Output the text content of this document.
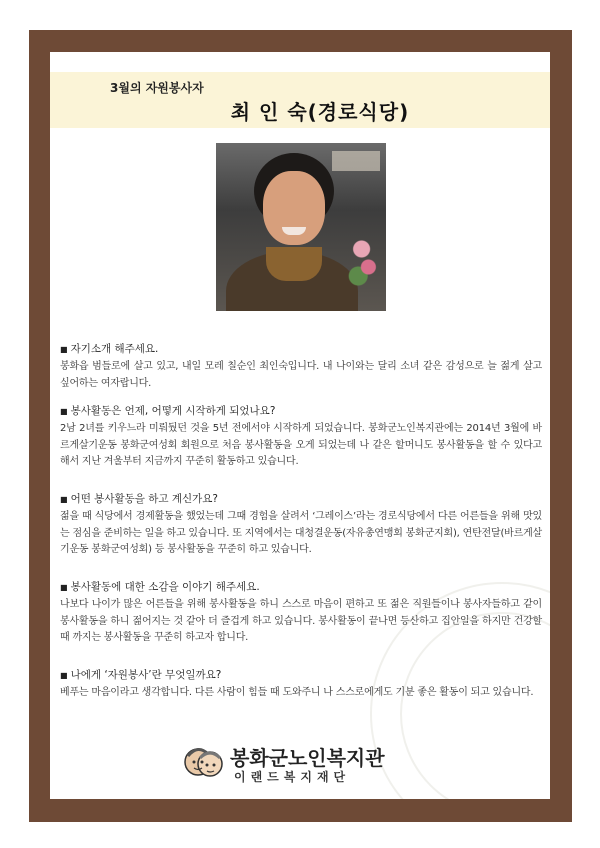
3월의 자원봉사자
최 인 숙(경로식당)

■ 자기소개 해주세요.

봉화읍 범들로에 살고 있고, 내일 모레 칠순인 최인숙입니다. 내 나이와는 달리 소녀 같은 감성으로 늘 젊게 살고 싶어하는 여자랍니다.

■ 봉사활동은 언제, 어떻게 시작하게 되었나요?

2남 2녀를 키우느라 미뤄뒀던 것을 5년 전에서야 시작하게 되었습니다. 봉화군노인복지관에는 2014년 3월에 바르게살기운동 봉화군여성회 회원으로 처음 봉사활동을 오게 되었는데 나 같은 할머니도 봉사활동을 할 수 있다고 해서 지난 겨울부터 지금까지 꾸준히 활동하고 있습니다.

■ 어떤 봉사활동을 하고 계신가요?

젊을 때 식당에서 경제활동을 했었는데 그때 경험을 살려서 ‘그레이스’라는 경로식당에서 다른 어른들을 위해 맛있는 점심을 준비하는 일을 하고 있습니다. 또 지역에서는 대청결운동(자유총연맹회 봉화군지회), 연탄전달(바르게살기운동 봉화군여성회) 등 봉사활동을 꾸준히 하고 있습니다.

■ 봉사활동에 대한 소감을 이야기 해주세요.

나보다 나이가 많은 어른들을 위해 봉사활동을 하니 스스로 마음이 편하고 또 젊은 직원들이나 봉사자들하고 같이 봉사활동을 하니 젊어지는 것 같아 더 즐겁게 하고 있습니다. 봉사활동이 끝나면 등산하고 집안일을 하지만 건강할 때 까지는 봉사활동을 꾸준히 하고자 합니다.

■ 나에게 ‘자원봉사’란 무엇일까요?

베푸는 마음이라고 생각합니다. 다른 사람이 힘들 때 도와주니 나 스스로에게도 기분 좋은 활동이 되고 있습니다.

봉화군노인복지관
이랜드복지재단
